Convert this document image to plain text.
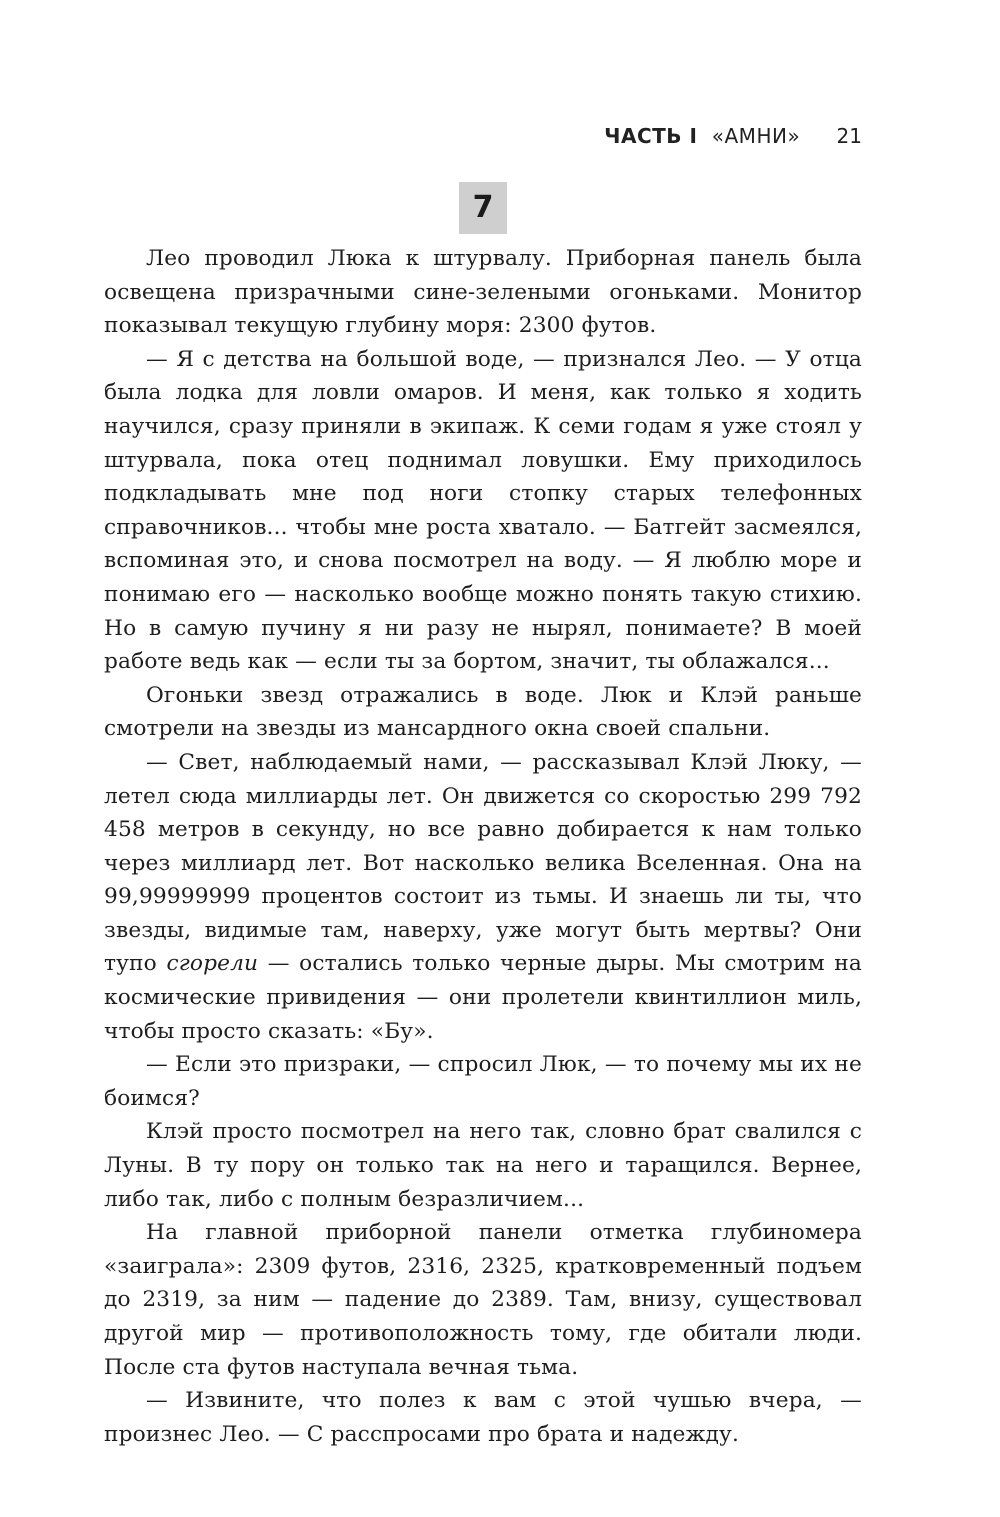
ЧАСТЬ I «АМНИ» 21
7

Лео проводил Люка к штурвалу. Приборная панель была освещена призрачными сине-зелеными огоньками. Монитор показывал текущую глубину моря: 2300 футов.

— Я с детства на большой воде, — признался Лео. — У отца была лодка для ловли омаров. И меня, как только я ходить научился, сразу приняли в экипаж. К семи годам я уже стоял у штурвала, пока отец поднимал ловушки. Ему приходилось подкладывать мне под ноги стопку старых телефонных справочников... чтобы мне роста хватало. — Батгейт засмеялся, вспоминая это, и снова посмотрел на воду. — Я люблю море и понимаю его — насколько вообще можно понять такую стихию. Но в самую пучину я ни разу не нырял, понимаете? В моей работе ведь как — если ты за бортом, значит, ты облажался...

Огоньки звезд отражались в воде. Люк и Клэй раньше смотрели на звезды из мансардного окна своей спальни.

— Свет, наблюдаемый нами, — рассказывал Клэй Люку, — летел сюда миллиарды лет. Он движется со скоростью 299 792 458 метров в секунду, но все равно добирается к нам только через миллиард лет. Вот насколько велика Вселенная. Она на 99,99999999 процентов состоит из тьмы. И знаешь ли ты, что звезды, видимые там, наверху, уже могут быть мертвы? Они тупо сгорели — остались только черные дыры. Мы смотрим на космические привидения — они пролетели квинтиллион миль, чтобы просто сказать: «Бу».

— Если это призраки, — спросил Люк, — то почему мы их не боимся?

Клэй просто посмотрел на него так, словно брат свалился с Луны. В ту пору он только так на него и таращился. Вернее, либо так, либо с полным безразличием...

На главной приборной панели отметка глубиномера «заиграла»: 2309 футов, 2316, 2325, кратковременный подъем до 2319, за ним — падение до 2389. Там, внизу, существовал другой мир — противоположность тому, где обитали люди. После ста футов наступала вечная тьма.

— Извините, что полез к вам с этой чушью вчера, — произнес Лео. — С расспросами про брата и надежду.
